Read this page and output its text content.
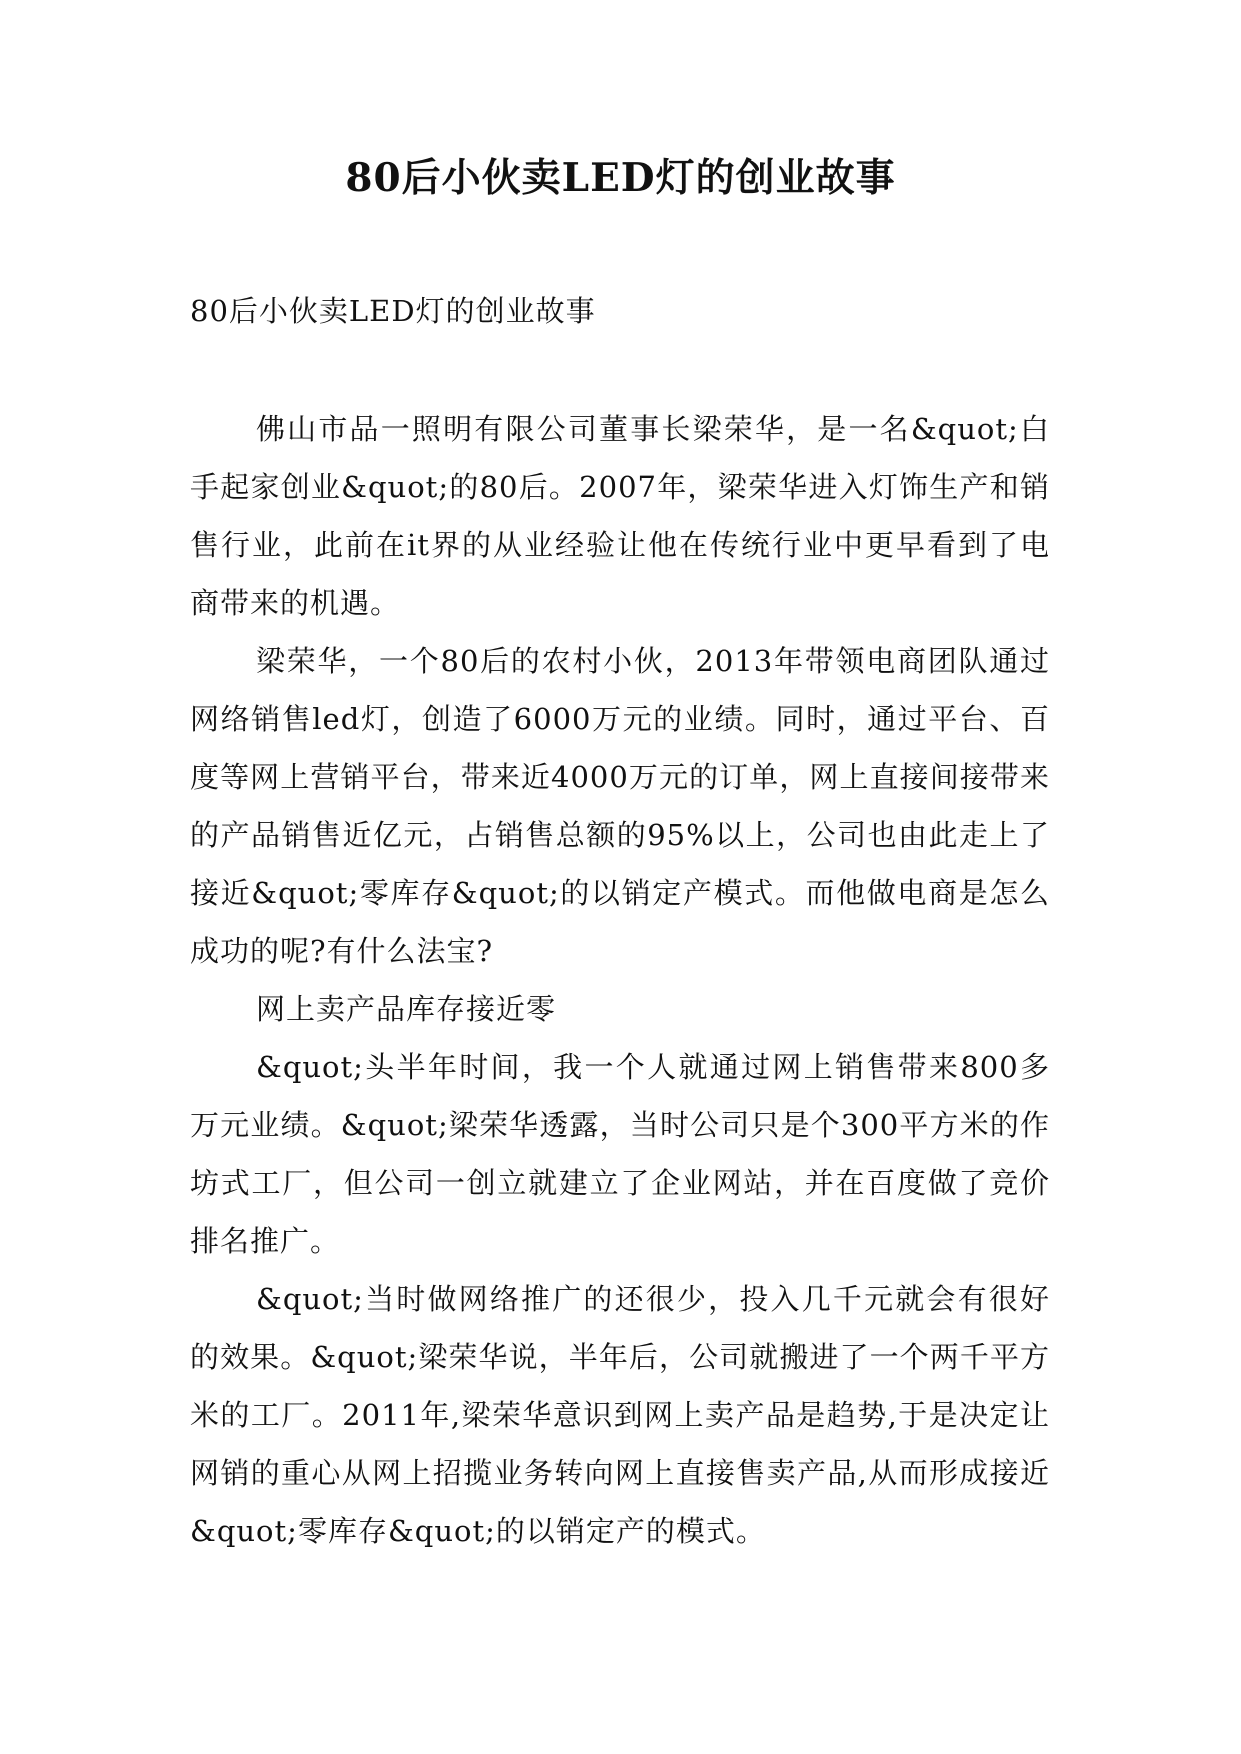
80后小伙卖LED灯的创业故事

80后小伙卖LED灯的创业故事

佛山市品一照明有限公司董事长梁荣华，是一名&quot;白手起家创业&quot;的80后。2007年，梁荣华进入灯饰生产和销售行业，此前在it界的从业经验让他在传统行业中更早看到了电商带来的机遇。

梁荣华，一个80后的农村小伙，2013年带领电商团队通过网络销售led灯，创造了6000万元的业绩。同时，通过平台、百度等网上营销平台，带来近4000万元的订单，网上直接间接带来的产品销售近亿元，占销售总额的95%以上，公司也由此走上了接近&quot;零库存&quot;的以销定产模式。而他做电商是怎么成功的呢?有什么法宝?

网上卖产品库存接近零

&quot;头半年时间，我一个人就通过网上销售带来800多万元业绩。&quot;梁荣华透露，当时公司只是个300平方米的作坊式工厂，但公司一创立就建立了企业网站，并在百度做了竞价排名推广。

&quot;当时做网络推广的还很少，投入几千元就会有很好的效果。&quot;梁荣华说，半年后，公司就搬进了一个两千平方米的工厂。2011年,梁荣华意识到网上卖产品是趋势,于是决定让网销的重心从网上招揽业务转向网上直接售卖产品,从而形成接近&quot;零库存&quot;的以销定产的模式。
